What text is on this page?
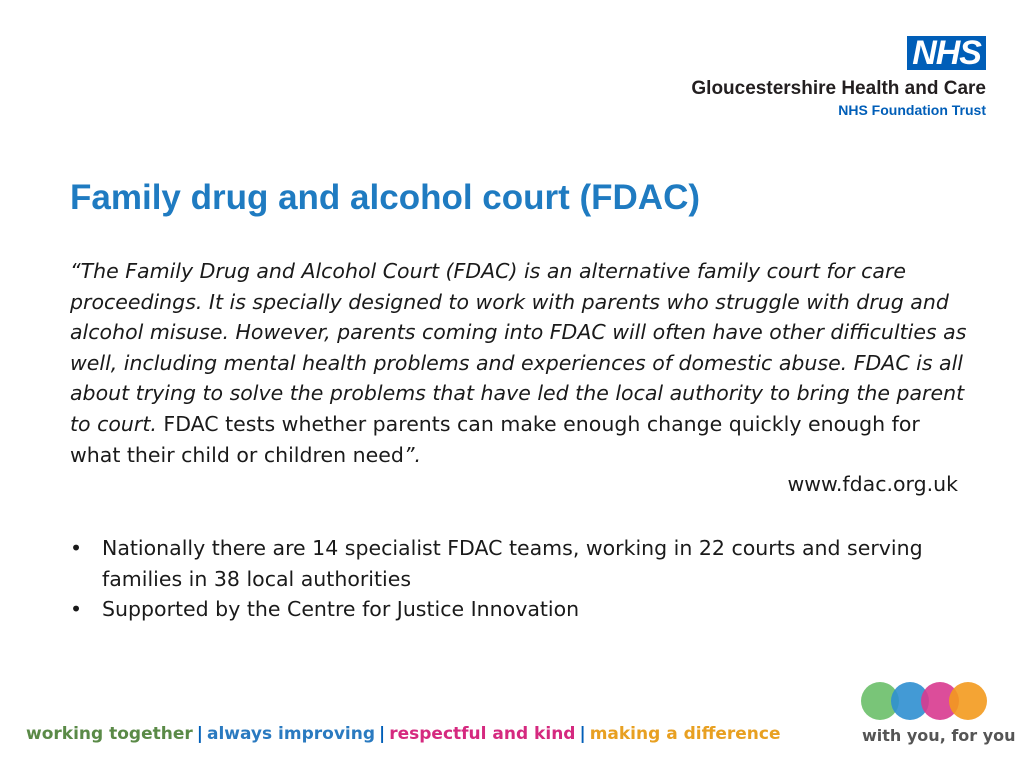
NHS
Gloucestershire Health and Care
NHS Foundation Trust
Family drug and alcohol court (FDAC)
“The Family Drug and Alcohol Court (FDAC) is an alternative family court for care proceedings. It is specially designed to work with parents who struggle with drug and alcohol misuse. However, parents coming into FDAC will often have other difficulties as well, including mental health problems and experiences of domestic abuse. FDAC is all about trying to solve the problems that have led the local authority to bring the parent to court. FDAC tests whether parents can make enough change quickly enough for what their child or children need”.
www.fdac.org.uk
• Nationally there are 14 specialist FDAC teams, working in 22 courts and serving families in 38 local authorities
• Supported by the Centre for Justice Innovation
working together | always improving | respectful and kind | making a difference	with you, for you
